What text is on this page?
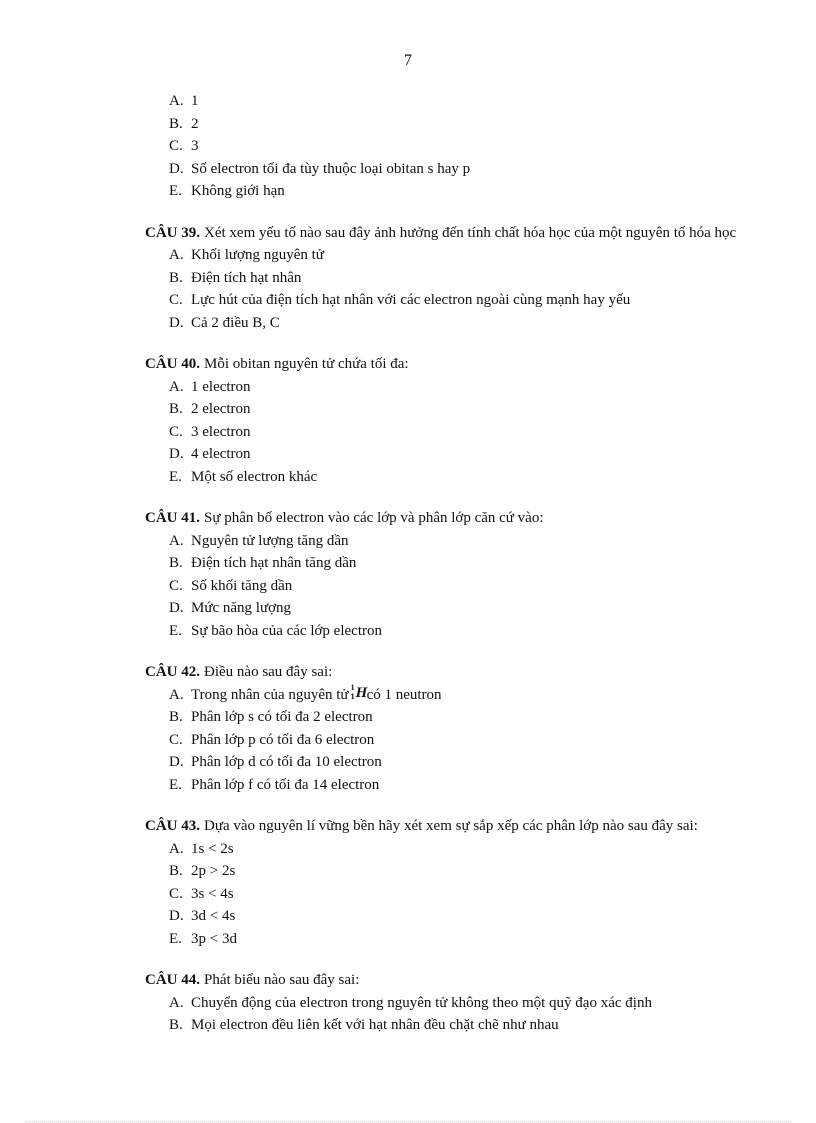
7
A. 1
B. 2
C. 3
D. Số electron tối đa tùy thuộc loại obitan s hay p
E. Không giới hạn
CÂU 39. Xét xem yếu tố nào sau đây ảnh hưởng đến tính chất hóa học của một nguyên tố hóa học
A. Khối lượng nguyên tử
B. Điện tích hạt nhân
C. Lực hút của điện tích hạt nhân với các electron ngoài cùng mạnh hay yếu
D. Cả 2 điều B, C
CÂU 40. Mỗi obitan nguyên tử chứa tối đa:
A. 1 electron
B. 2 electron
C. 3 electron
D. 4 electron
E. Một số electron khác
CÂU 41. Sự phân bố electron vào các lớp và phân lớp căn cứ vào:
A. Nguyên tử lượng tăng dần
B. Điện tích hạt nhân tăng dần
C. Số khối tăng dần
D. Mức năng lượng
E. Sự bão hòa của các lớp electron
CÂU 42. Điều nào sau đây sai:
A. Trong nhân của nguyên tử 1
1 H có 1 neutron
B. Phân lớp s có tối đa 2 electron
C. Phân lớp p có tối đa 6 electron
D. Phân lớp d có tối đa 10 electron
E. Phân lớp f có tối đa 14 electron
CÂU 43. Dựa vào nguyên lí vững bền hãy xét xem sự sắp xếp các phân lớp nào sau đây sai:
A. 1s < 2s
B. 2p > 2s
C. 3s < 4s
D. 3d < 4s
E. 3p < 3d
CÂU 44. Phát biểu nào sau đây sai:
A. Chuyển động của electron trong nguyên tử không theo một quỹ đạo xác định
B. Mọi electron đều liên kết với hạt nhân đều chặt chẽ như nhau
